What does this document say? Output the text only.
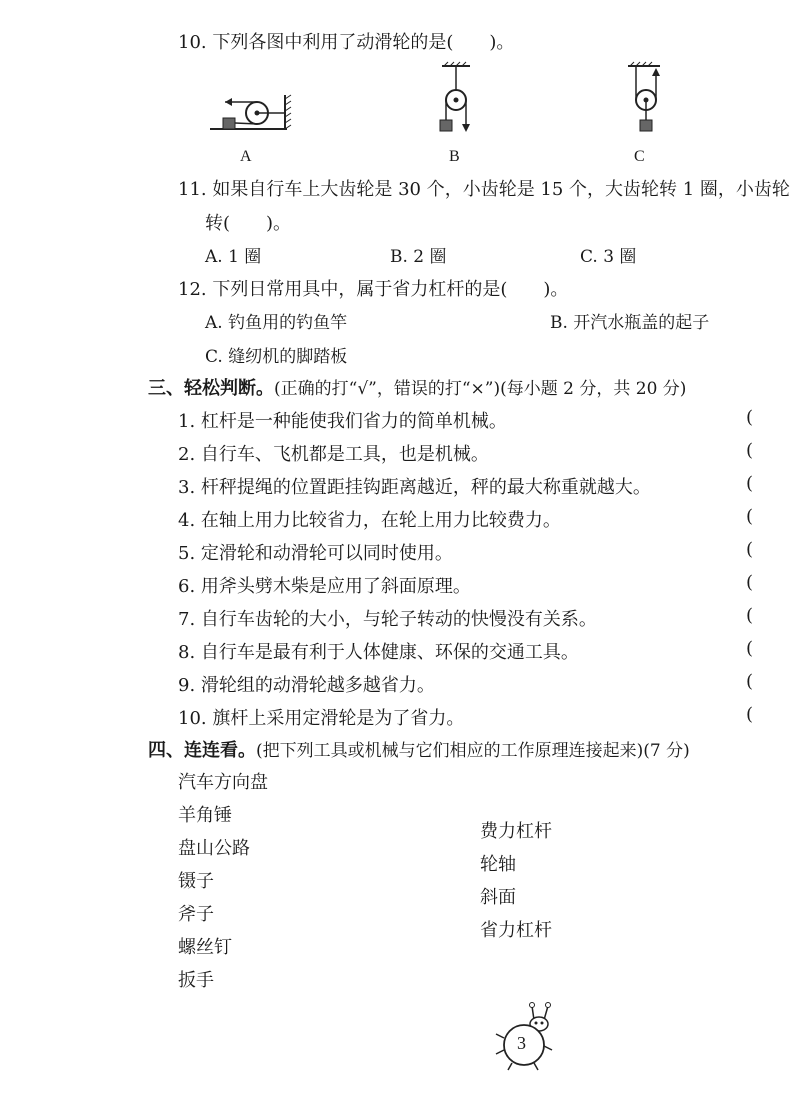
10. 下列各图中利用了动滑轮的是(　　)。
A	B	C
11. 如果自行车上大齿轮是 30 个，小齿轮是 15 个，大齿轮转 1 圈，小齿轮
转(　　)。
A. 1 圈	B. 2 圈	C. 3 圈
12. 下列日常用具中，属于省力杠杆的是(　　)。
A. 钓鱼用的钓鱼竿	B. 开汽水瓶盖的起子
C. 缝纫机的脚踏板
三、轻松判断。(正确的打“√”，错误的打“×”)(每小题 2 分，共 20 分)
1. 杠杆是一种能使我们省力的简单机械。	(
2. 自行车、飞机都是工具，也是机械。	(
3. 杆秤提绳的位置距挂钩距离越近，秤的最大称重就越大。	(
4. 在轴上用力比较省力，在轮上用力比较费力。	(
5. 定滑轮和动滑轮可以同时使用。	(
6. 用斧头劈木柴是应用了斜面原理。	(
7. 自行车齿轮的大小，与轮子转动的快慢没有关系。	(
8. 自行车是最有利于人体健康、环保的交通工具。	(
9. 滑轮组的动滑轮越多越省力。	(
10. 旗杆上采用定滑轮是为了省力。	(
四、连连看。(把下列工具或机械与它们相应的工作原理连接起来)(7 分)
汽车方向盘
羊角锤
盘山公路
镊子
斧子
螺丝钉
扳手
费力杠杆
轮轴
斜面
省力杠杆
3
